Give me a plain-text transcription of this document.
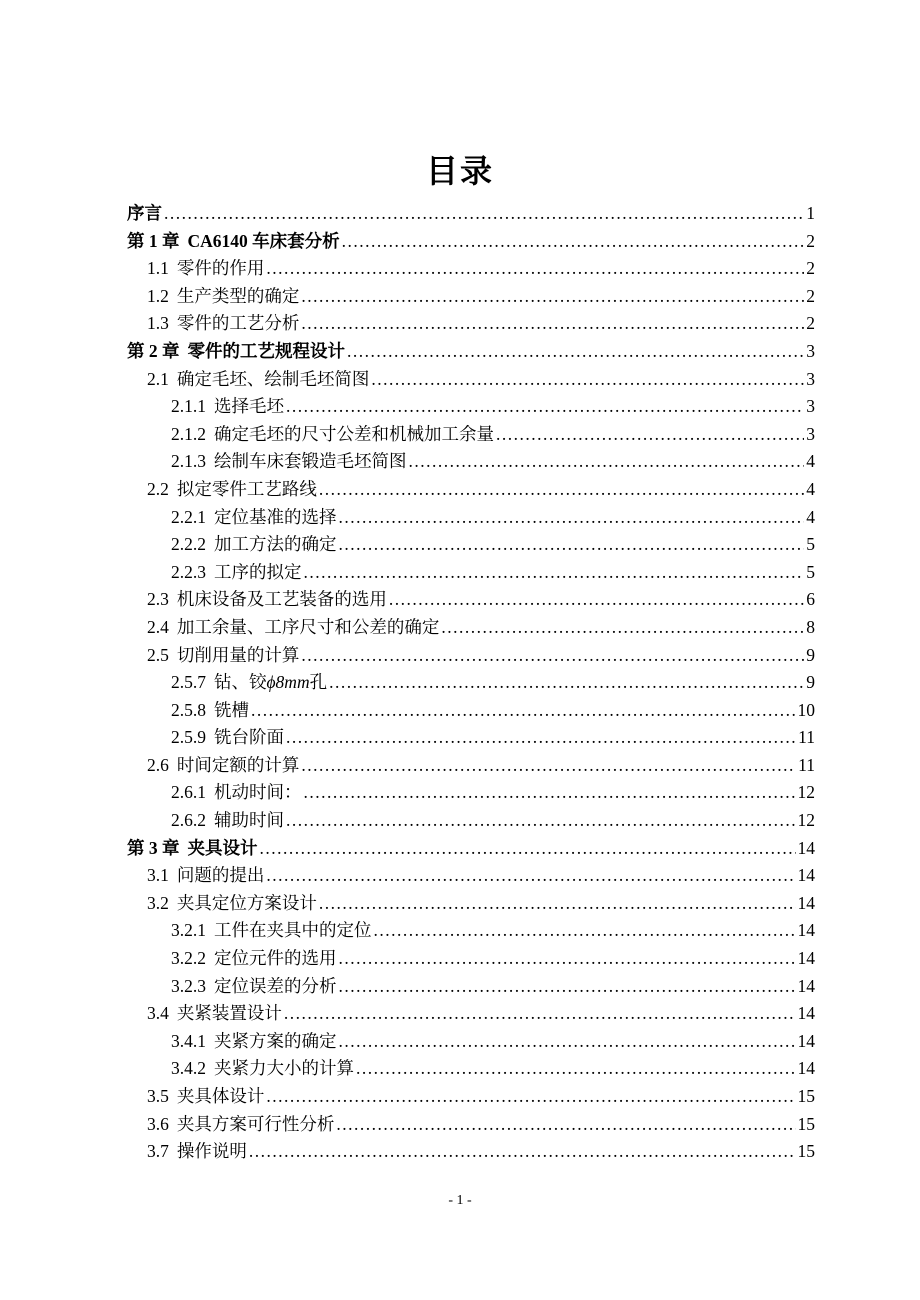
目录
序言 .....	1
第 1 章 CA6140 车床套分析 .....	2
1.1 零件的作用 .....	2
1.2 生产类型的确定 .....	2
1.3 零件的工艺分析 .....	2
第 2 章 零件的工艺规程设计 .....	3
2.1 确定毛坯、绘制毛坯简图 .....	3
2.1.1 选择毛坯 .....	3
2.1.2 确定毛坯的尺寸公差和机械加工余量 .....	3
2.1.3 绘制车床套锻造毛坯简图 .....	4
2.2 拟定零件工艺路线 .....	4
2.2.1 定位基准的选择 .....	4
2.2.2 加工方法的确定 .....	5
2.2.3 工序的拟定 .....	5
2.3 机床设备及工艺装备的选用 .....	6
2.4 加工余量、工序尺寸和公差的确定 .....	8
2.5 切削用量的计算 .....	9
2.5.7 钻、铰ϕ8mm孔 .....	9
2.5.8 铣槽 .....	10
2.5.9 铣台阶面 .....	11
2.6 时间定额的计算 .....	11
2.6.1 机动时间： .....	12
2.6.2 辅助时间 .....	12
第 3 章 夹具设计 .....	14
3.1 问题的提出 .....	14
3.2 夹具定位方案设计 .....	14
3.2.1 工件在夹具中的定位 .....	14
3.2.2 定位元件的选用 .....	14
3.2.3 定位误差的分析 .....	14
3.4 夹紧装置设计 .....	14
3.4.1 夹紧方案的确定 .....	14
3.4.2 夹紧力大小的计算 .....	14
3.5 夹具体设计 .....	15
3.6 夹具方案可行性分析 .....	15
3.7 操作说明 .....	15
- 1 -
